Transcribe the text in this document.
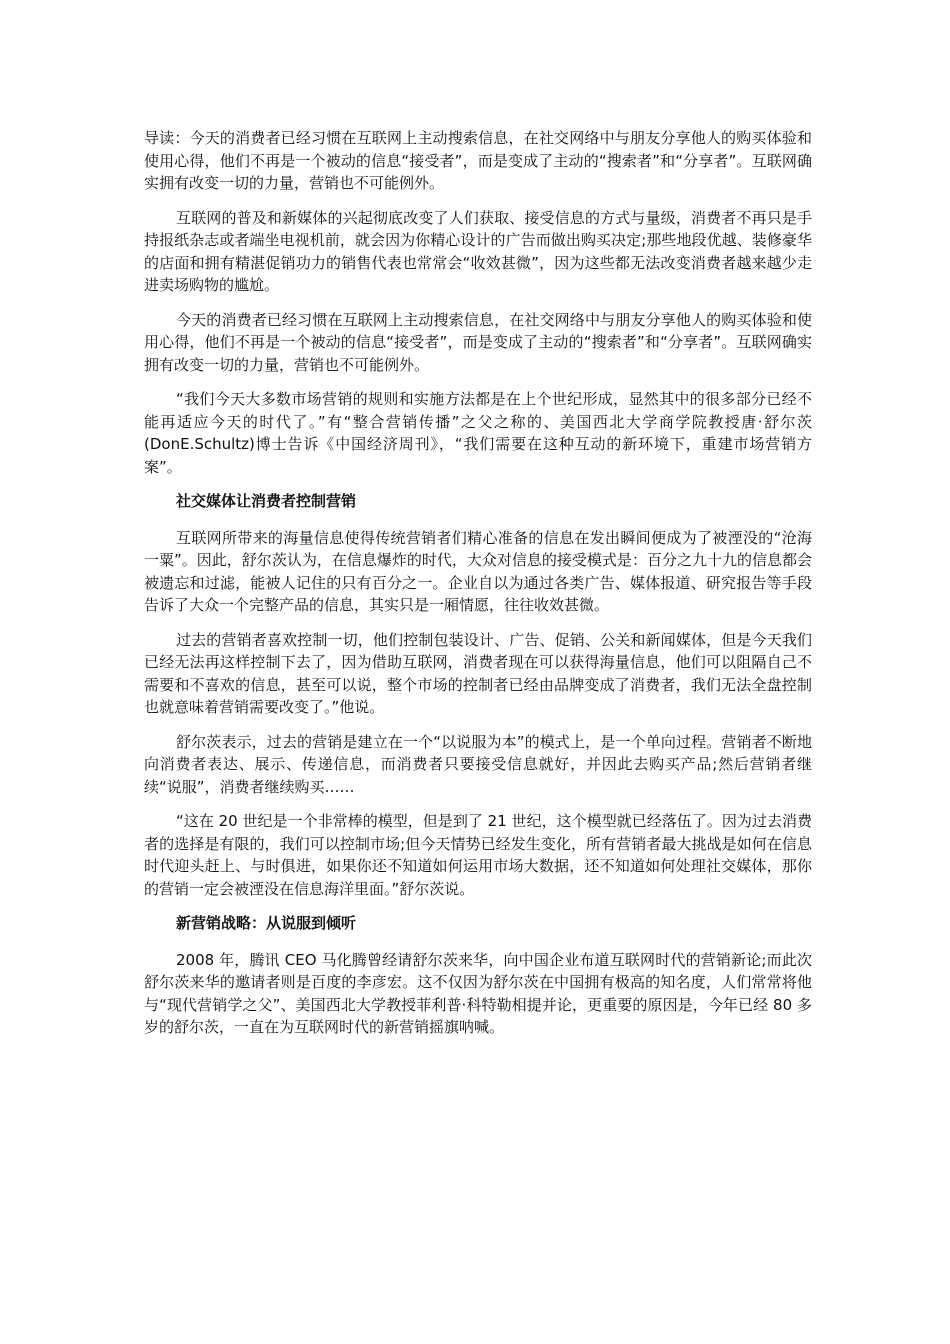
导读：今天的消费者已经习惯在互联网上主动搜索信息，在社交网络中与朋友分享他人的购买体验和使用心得，他们不再是一个被动的信息“接受者”，而是变成了主动的“搜索者”和“分享者”。互联网确实拥有改变一切的力量，营销也不可能例外。

互联网的普及和新媒体的兴起彻底改变了人们获取、接受信息的方式与量级，消费者不再只是手持报纸杂志或者端坐电视机前，就会因为你精心设计的广告而做出购买决定;那些地段优越、装修豪华的店面和拥有精湛促销功力的销售代表也常常会“收效甚微”，因为这些都无法改变消费者越来越少走进卖场购物的尴尬。

今天的消费者已经习惯在互联网上主动搜索信息，在社交网络中与朋友分享他人的购买体验和使用心得，他们不再是一个被动的信息“接受者”，而是变成了主动的“搜索者”和“分享者”。互联网确实拥有改变一切的力量，营销也不可能例外。

“我们今天大多数市场营销的规则和实施方法都是在上个世纪形成，显然其中的很多部分已经不能再适应今天的时代了。”有“整合营销传播”之父之称的、美国西北大学商学院教授唐·舒尔茨(DonE.Schultz)博士告诉《中国经济周刊》，“我们需要在这种互动的新环境下，重建市场营销方案”。

社交媒体让消费者控制营销

互联网所带来的海量信息使得传统营销者们精心准备的信息在发出瞬间便成为了被湮没的“沧海一粟”。因此，舒尔茨认为，在信息爆炸的时代，大众对信息的接受模式是：百分之九十九的信息都会被遗忘和过滤，能被人记住的只有百分之一。企业自以为通过各类广告、媒体报道、研究报告等手段告诉了大众一个完整产品的信息，其实只是一厢情愿，往往收效甚微。

过去的营销者喜欢控制一切，他们控制包装设计、广告、促销、公关和新闻媒体，但是今天我们已经无法再这样控制下去了，因为借助互联网，消费者现在可以获得海量信息，他们可以阻隔自己不需要和不喜欢的信息，甚至可以说，整个市场的控制者已经由品牌变成了消费者，我们无法全盘控制也就意味着营销需要改变了。”他说。

舒尔茨表示，过去的营销是建立在一个“以说服为本”的模式上，是一个单向过程。营销者不断地向消费者表达、展示、传递信息，而消费者只要接受信息就好，并因此去购买产品;然后营销者继续“说服”，消费者继续购买……

“这在 20 世纪是一个非常棒的模型，但是到了 21 世纪，这个模型就已经落伍了。因为过去消费者的选择是有限的，我们可以控制市场;但今天情势已经发生变化，所有营销者最大挑战是如何在信息时代迎头赶上、与时俱进，如果你还不知道如何运用市场大数据，还不知道如何处理社交媒体，那你的营销一定会被湮没在信息海洋里面。”舒尔茨说。

新营销战略：从说服到倾听

2008 年，腾讯 CEO 马化腾曾经请舒尔茨来华，向中国企业布道互联网时代的营销新论;而此次舒尔茨来华的邀请者则是百度的李彦宏。这不仅因为舒尔茨在中国拥有极高的知名度，人们常常将他与“现代营销学之父”、美国西北大学教授菲利普·科特勒相提并论，更重要的原因是，今年已经 80 多岁的舒尔茨，一直在为互联网时代的新营销摇旗呐喊。
